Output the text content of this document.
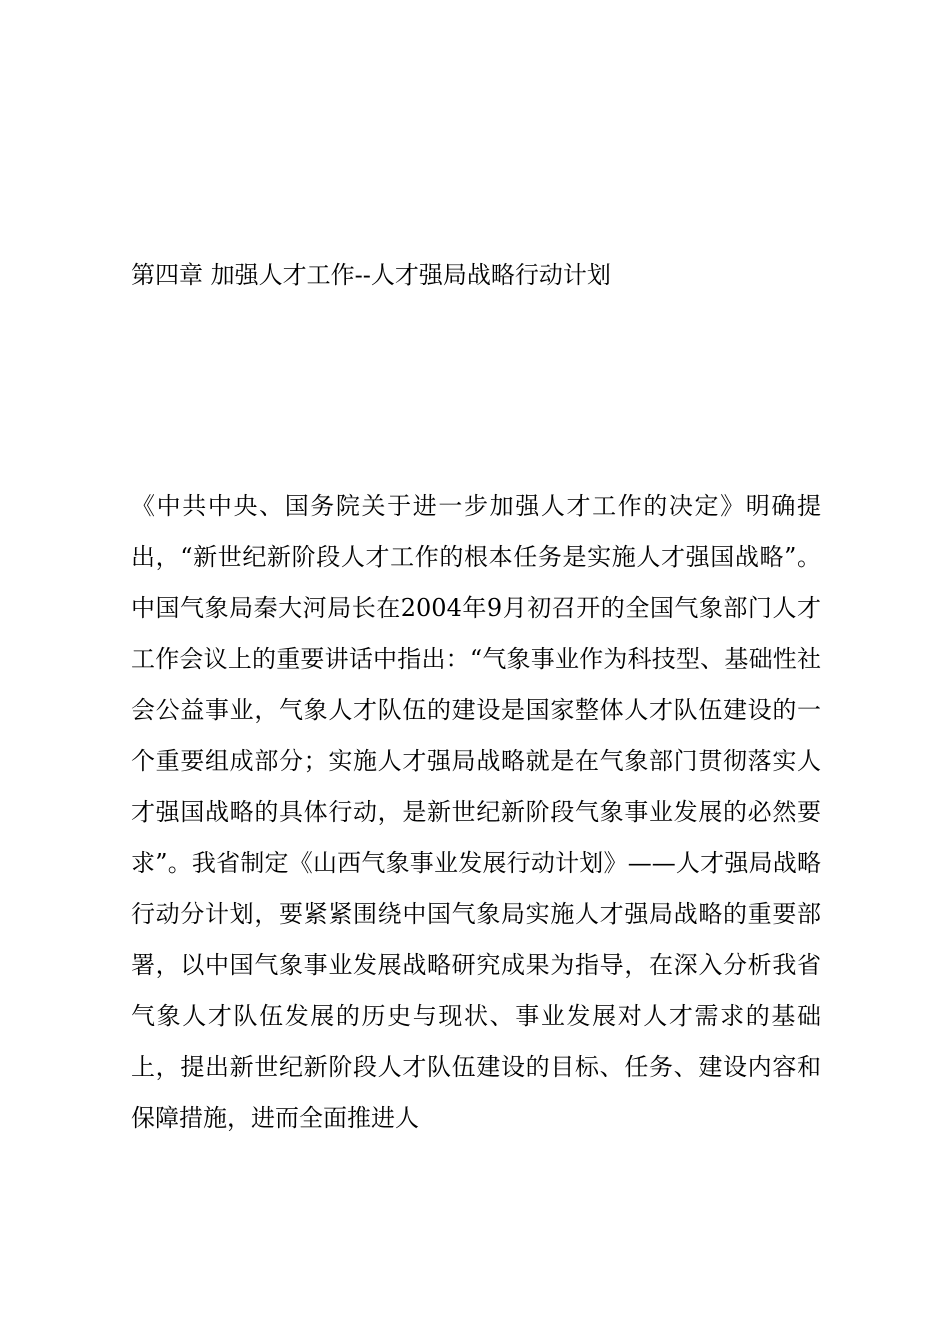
第四章 加强人才工作--人才强局战略行动计划

《中共中央、国务院关于进一步加强人才工作的决定》明确提出，“新世纪新阶段人才工作的根本任务是实施人才强国战略”。中国气象局秦大河局长在2004年9月初召开的全国气象部门人才工作会议上的重要讲话中指出：“气象事业作为科技型、基础性社会公益事业，气象人才队伍的建设是国家整体人才队伍建设的一个重要组成部分；实施人才强局战略就是在气象部门贯彻落实人才强国战略的具体行动，是新世纪新阶段气象事业发展的必然要求”。我省制定《山西气象事业发展行动计划》——人才强局战略行动分计划，要紧紧围绕中国气象局实施人才强局战略的重要部署，以中国气象事业发展战略研究成果为指导，在深入分析我省气象人才队伍发展的历史与现状、事业发展对人才需求的基础上，提出新世纪新阶段人才队伍建设的目标、任务、建设内容和保障措施，进而全面推进人
